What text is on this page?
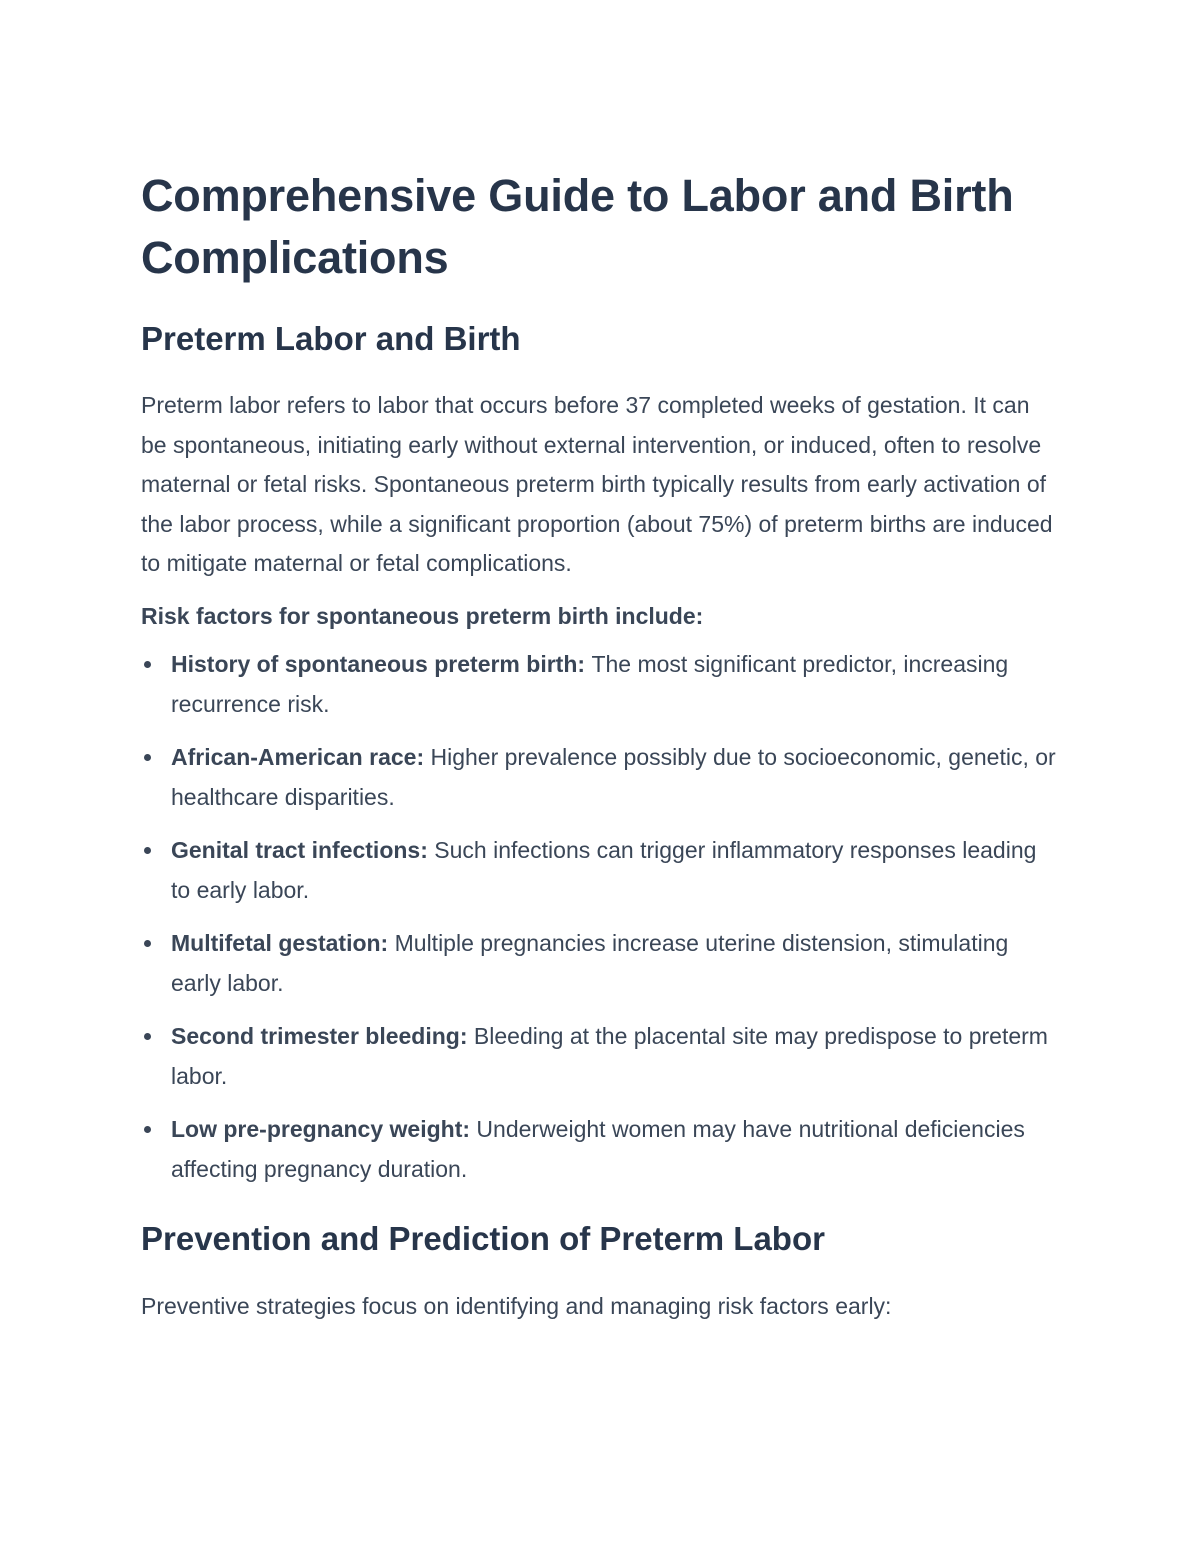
Comprehensive Guide to Labor and Birth Complications
Preterm Labor and Birth

Preterm labor refers to labor that occurs before 37 completed weeks of gestation. It can be spontaneous, initiating early without external intervention, or induced, often to resolve maternal or fetal risks. Spontaneous preterm birth typically results from early activation of the labor process, while a significant proportion (about 75%) of preterm births are induced to mitigate maternal or fetal complications.

Risk factors for spontaneous preterm birth include:

History of spontaneous preterm birth: The most significant predictor, increasing recurrence risk.
African-American race: Higher prevalence possibly due to socioeconomic, genetic, or healthcare disparities.
Genital tract infections: Such infections can trigger inflammatory responses leading to early labor.
Multifetal gestation: Multiple pregnancies increase uterine distension, stimulating early labor.
Second trimester bleeding: Bleeding at the placental site may predispose to preterm labor.
Low pre-pregnancy weight: Underweight women may have nutritional deficiencies affecting pregnancy duration.
Prevention and Prediction of Preterm Labor

Preventive strategies focus on identifying and managing risk factors early:
